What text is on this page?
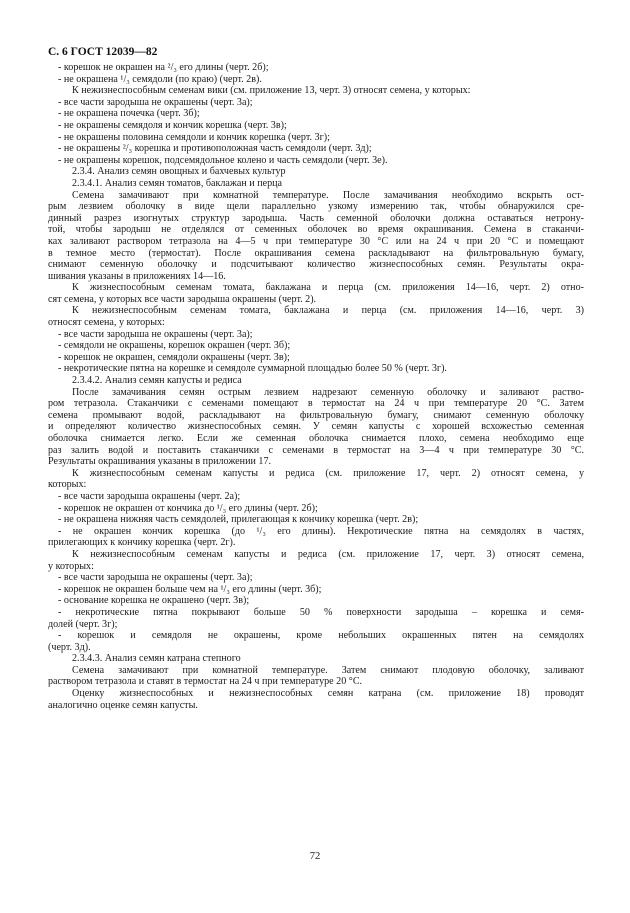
С. 6 ГОСТ 12039—82
- корешок не окрашен на ²/₃ его длины (черт. 2б);
- не окрашена ¹/₃ семядоли (по краю) (черт. 2в).
К нежизнеспособным семенам вики (см. приложение 13, черт. 3) относят семена, у которых:
- все части зародыша не окрашены (черт. 3а);
- не окрашена почечка (черт. 3б);
- не окрашены семядоля и кончик корешка (черт. 3в);
- не окрашены половина семядоли и кончик корешка (черт. 3г);
- не окрашены ²/₃ корешка и противоположная часть семядоли (черт. 3д);
- не окрашены корешок, подсемядольное колено и часть семядоли (черт. 3е).
2.3.4. Анализ семян овощных и бахчевых культур
2.3.4.1. Анализ семян томатов, баклажан и перца
Семена замачивают при комнатной температуре. После замачивания необходимо вскрыть ост-
рым лезвием оболочку в виде щели параллельно узкому измерению так, чтобы обнаружился сре-
динный разрез изогнутых структур зародыша. Часть семенной оболочки должна оставаться нетрону-
той, чтобы зародыш не отделялся от семенных оболочек во время окрашивания. Семена в стаканчи-
ках заливают раствором тетразола на 4—5 ч при температуре 30 °С или на 24 ч при 20 °С и помещают
в темное место (термостат). После окрашивания семена раскладывают на фильтровальную бумагу,
снимают семенную оболочку и подсчитывают количество жизнеспособных семян. Результаты окра-
шивания указаны в приложениях 14—16.
К жизнеспособным семенам томата, баклажана и перца (см. приложения 14—16, черт. 2) отно-
сят семена, у которых все части зародыша окрашены (черт. 2).
К нежизнеспособным семенам томата, баклажана и перца (см. приложения 14—16, черт. 3)
относят семена, у которых:
- все части зародыша не окрашены (черт. 3а);
- семядоли не окрашены, корешок окрашен (черт. 3б);
- корешок не окрашен, семядоли окрашены (черт. 3в);
- некротические пятна на корешке и семядоле суммарной площадью более 50 % (черт. 3г).
2.3.4.2. Анализ семян капусты и редиса
После замачивания семян острым лезвием надрезают семенную оболочку и заливают раство-
ром тетразола. Стаканчики с семенами помещают в термостат на 24 ч при температуре 20 °С. Затем
семена промывают водой, раскладывают на фильтровальную бумагу, снимают семенную оболочку
и определяют количество жизнеспособных семян. У семян капусты с хорошей всхожестью семенная
оболочка снимается легко. Если же семенная оболочка снимается плохо, семена необходимо еще
раз залить водой и поставить стаканчики с семенами в термостат на 3—4 ч при температуре 30 °С.
Результаты окрашивания указаны в приложении 17.
К жизнеспособным семенам капусты и редиса (см. приложение 17, черт. 2) относят семена, у
которых:
- все части зародыша окрашены (черт. 2а);
- корешок не окрашен от кончика до ¹/₃ его длины (черт. 2б);
- не окрашена нижняя часть семядолей, прилегающая к кончику корешка (черт. 2в);
- не окрашен кончик корешка (до ¹/₃ его длины). Некротические пятна на семядолях в частях,
прилегающих к кончику корешка (черт. 2г).
К нежизнеспособным семенам капусты и редиса (см. приложение 17, черт. 3) относят семена,
у которых:
- все части зародыша не окрашены (черт. 3а);
- корешок не окрашен больше чем на ¹/₃ его длины (черт. 3б);
- основание корешка не окрашено (черт. 3в);
- некротические пятна покрывают больше 50 % поверхности зародыша – корешка и семя-
долей (черт. 3г);
- корешок и семядоля не окрашены, кроме небольших окрашенных пятен на семядолях
(черт. 3д).
2.3.4.3. Анализ семян катрана степного
Семена замачивают при комнатной температуре. Затем снимают плодовую оболочку, заливают
раствором тетразола и ставят в термостат на 24 ч при температуре 20 °С.
Оценку жизнеспособных и нежизнеспособных семян катрана (см. приложение 18) проводят
аналогично оценке семян капусты.
72
